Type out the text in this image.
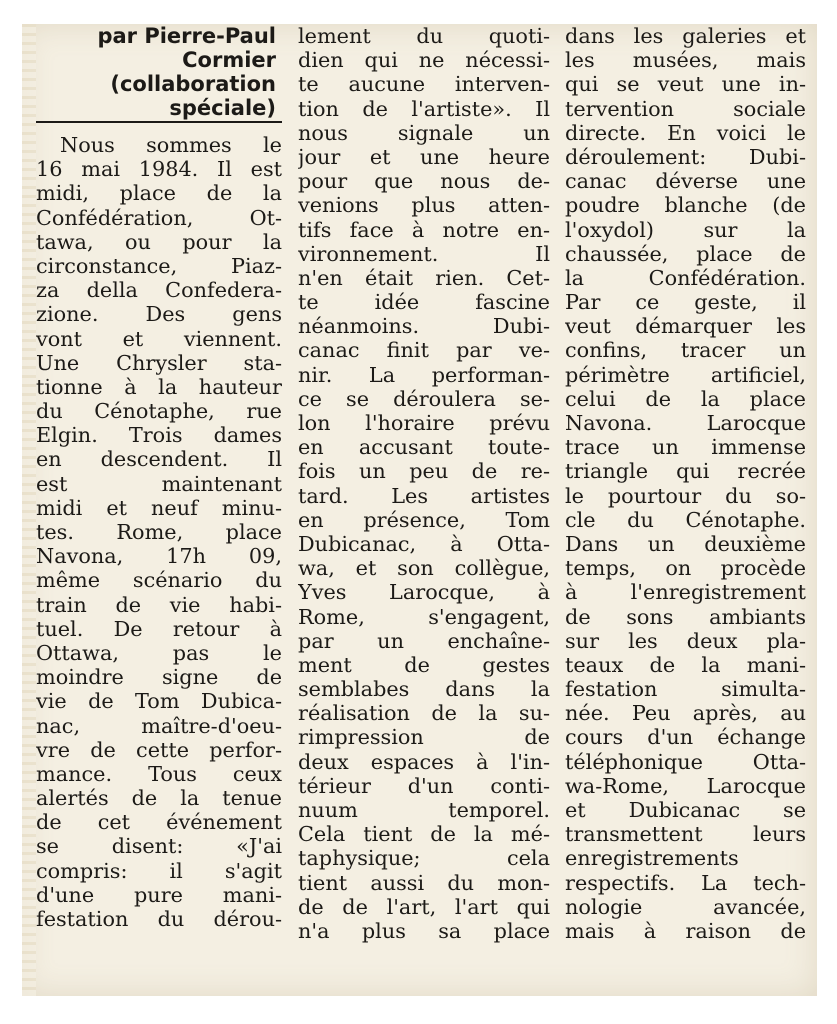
par Pierre-Paul
Cormier
(collaboration
spéciale)
Nous sommes le
16 mai 1984. Il est
midi, place de la
Confédération, Ot-
tawa, ou pour la
circonstance, Piaz-
za della Confedera-
zione. Des gens
vont et viennent.
Une Chrysler sta-
tionne à la hauteur
du Cénotaphe, rue
Elgin. Trois dames
en descendent. Il
est maintenant
midi et neuf minu-
tes. Rome, place
Navona, 17h 09,
même scénario du
train de vie habi-
tuel. De retour à
Ottawa, pas le
moindre signe de
vie de Tom Dubica-
nac, maître-d'oeu-
vre de cette perfor-
mance. Tous ceux
alertés de la tenue
de cet événement
se disent: «J'ai
compris: il s'agit
d'une pure mani-
festation du dérou-
lement du quoti-
dien qui ne nécessi-
te aucune interven-
tion de l'artiste». Il
nous signale un
jour et une heure
pour que nous de-
venions plus atten-
tifs face à notre en-
vironnement. Il
n'en était rien. Cet-
te idée fascine
néanmoins. Dubi-
canac finit par ve-
nir. La performan-
ce se déroulera se-
lon l'horaire prévu
en accusant toute-
fois un peu de re-
tard. Les artistes
en présence, Tom
Dubicanac, à Otta-
wa, et son collègue,
Yves Larocque, à
Rome, s'engagent,
par un enchaîne-
ment de gestes
semblabes dans la
réalisation de la su-
rimpression de
deux espaces à l'in-
térieur d'un conti-
nuum temporel.
Cela tient de la mé-
taphysique; cela
tient aussi du mon-
de de l'art, l'art qui
n'a plus sa place
dans les galeries et
les musées, mais
qui se veut une in-
tervention sociale
directe. En voici le
déroulement: Dubi-
canac déverse une
poudre blanche (de
l'oxydol) sur la
chaussée, place de
la Confédération.
Par ce geste, il
veut démarquer les
confins, tracer un
périmètre artificiel,
celui de la place
Navona. Larocque
trace un immense
triangle qui recrée
le pourtour du so-
cle du Cénotaphe.
Dans un deuxième
temps, on procède
à l'enregistrement
de sons ambiants
sur les deux pla-
teaux de la mani-
festation simulta-
née. Peu après, au
cours d'un échange
téléphonique Otta-
wa-Rome, Larocque
et Dubicanac se
transmettent leurs
enregistrements
respectifs. La tech-
nologie avancée,
mais à raison de
